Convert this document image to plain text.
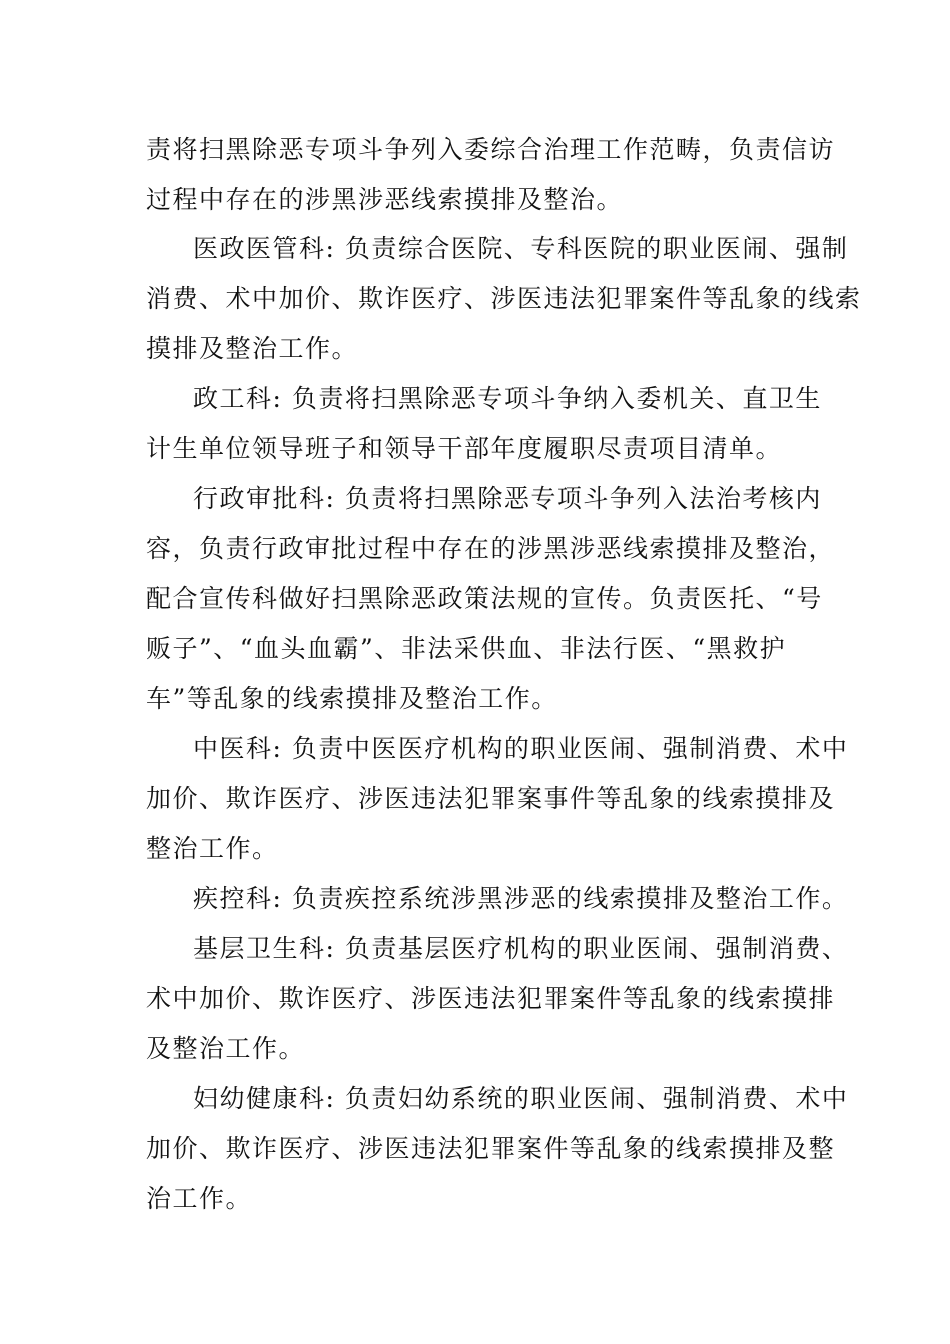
责将扫黑除恶专项斗争列入委综合治理工作范畴，负责信访
过程中存在的涉黑涉恶线索摸排及整治。
医政医管科: 负责综合医院、专科医院的职业医闹、强制
消费、术中加价、欺诈医疗、涉医违法犯罪案件等乱象的线索
摸排及整治工作。
政工科: 负责将扫黑除恶专项斗争纳入委机关、直卫生
计生单位领导班子和领导干部年度履职尽责项目清单。
行政审批科: 负责将扫黑除恶专项斗争列入法治考核内
容，负责行政审批过程中存在的涉黑涉恶线索摸排及整治，
配合宣传科做好扫黑除恶政策法规的宣传。负责医托、“号
贩子”、“血头血霸”、非法采供血、非法行医、“黑救护
车”等乱象的线索摸排及整治工作。
中医科: 负责中医医疗机构的职业医闹、强制消费、术中
加价、欺诈医疗、涉医违法犯罪案事件等乱象的线索摸排及
整治工作。
疾控科: 负责疾控系统涉黑涉恶的线索摸排及整治工作。
基层卫生科: 负责基层医疗机构的职业医闹、强制消费、
术中加价、欺诈医疗、涉医违法犯罪案件等乱象的线索摸排
及整治工作。
妇幼健康科: 负责妇幼系统的职业医闹、强制消费、术中
加价、欺诈医疗、涉医违法犯罪案件等乱象的线索摸排及整
治工作。
